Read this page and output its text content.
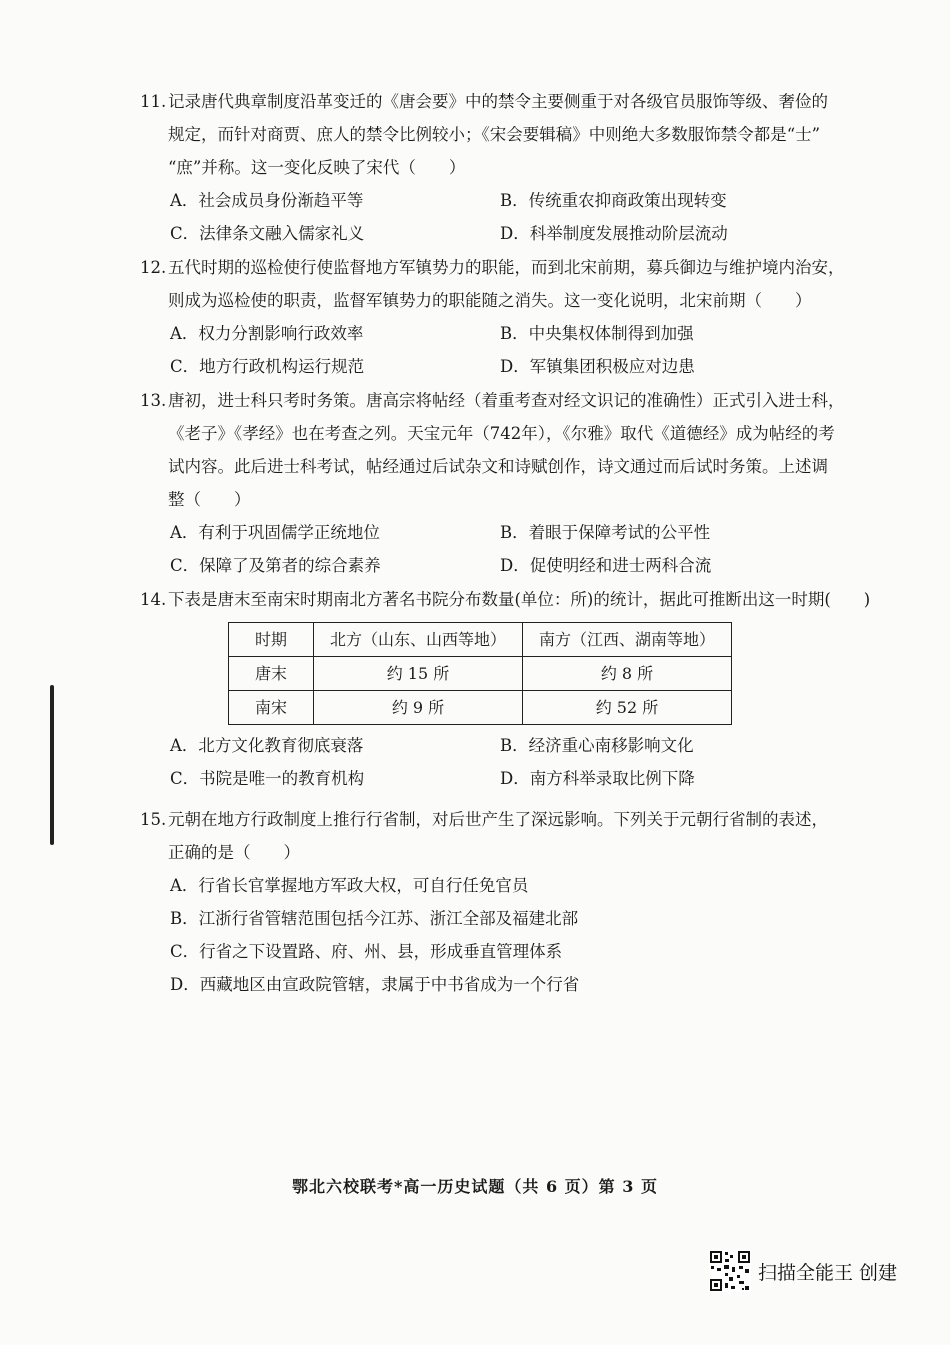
11. 记录唐代典章制度沿革变迁的《唐会要》中的禁令主要侧重于对各级官员服饰等级、奢俭的
规定，而针对商贾、庶人的禁令比例较小；《宋会要辑稿》中则绝大多数服饰禁令都是“士”
“庶”并称。这一变化反映了宋代（　　）
A．社会成员身份渐趋平等	B．传统重农抑商政策出现转变
C．法律条文融入儒家礼义	D．科举制度发展推动阶层流动
12. 五代时期的巡检使行使监督地方军镇势力的职能，而到北宋前期，募兵御边与维护境内治安，
则成为巡检使的职责，监督军镇势力的职能随之消失。这一变化说明，北宋前期（　　）
A．权力分割影响行政效率	B．中央集权体制得到加强
C．地方行政机构运行规范	D．军镇集团积极应对边患
13. 唐初，进士科只考时务策。唐高宗将帖经（着重考查对经文识记的准确性）正式引入进士科，
《老子》《孝经》也在考查之列。天宝元年（742年），《尔雅》取代《道德经》成为帖经的考
试内容。此后进士科考试，帖经通过后试杂文和诗赋创作，诗文通过而后试时务策。上述调
整（　　）
A．有利于巩固儒学正统地位	B．着眼于保障考试的公平性
C．保障了及第者的综合素养	D．促使明经和进士两科合流
14. 下表是唐末至南宋时期南北方著名书院分布数量(单位：所)的统计，据此可推断出这一时期(　　)
时期	北方（山东、山西等地）	南方（江西、湖南等地）
唐末	约 15 所	约 8 所
南宋	约 9 所	约 52 所
A．北方文化教育彻底衰落	B．经济重心南移影响文化
C．书院是唯一的教育机构	D．南方科举录取比例下降
15. 元朝在地方行政制度上推行行省制，对后世产生了深远影响。下列关于元朝行省制的表述，
正确的是（　　）
A．行省长官掌握地方军政大权，可自行任免官员
B．江浙行省管辖范围包括今江苏、浙江全部及福建北部
C．行省之下设置路、府、州、县，形成垂直管理体系
D．西藏地区由宣政院管辖，隶属于中书省成为一个行省
鄂北六校联考*高一历史试题（共 6 页）第 3 页
扫描全能王 创建
